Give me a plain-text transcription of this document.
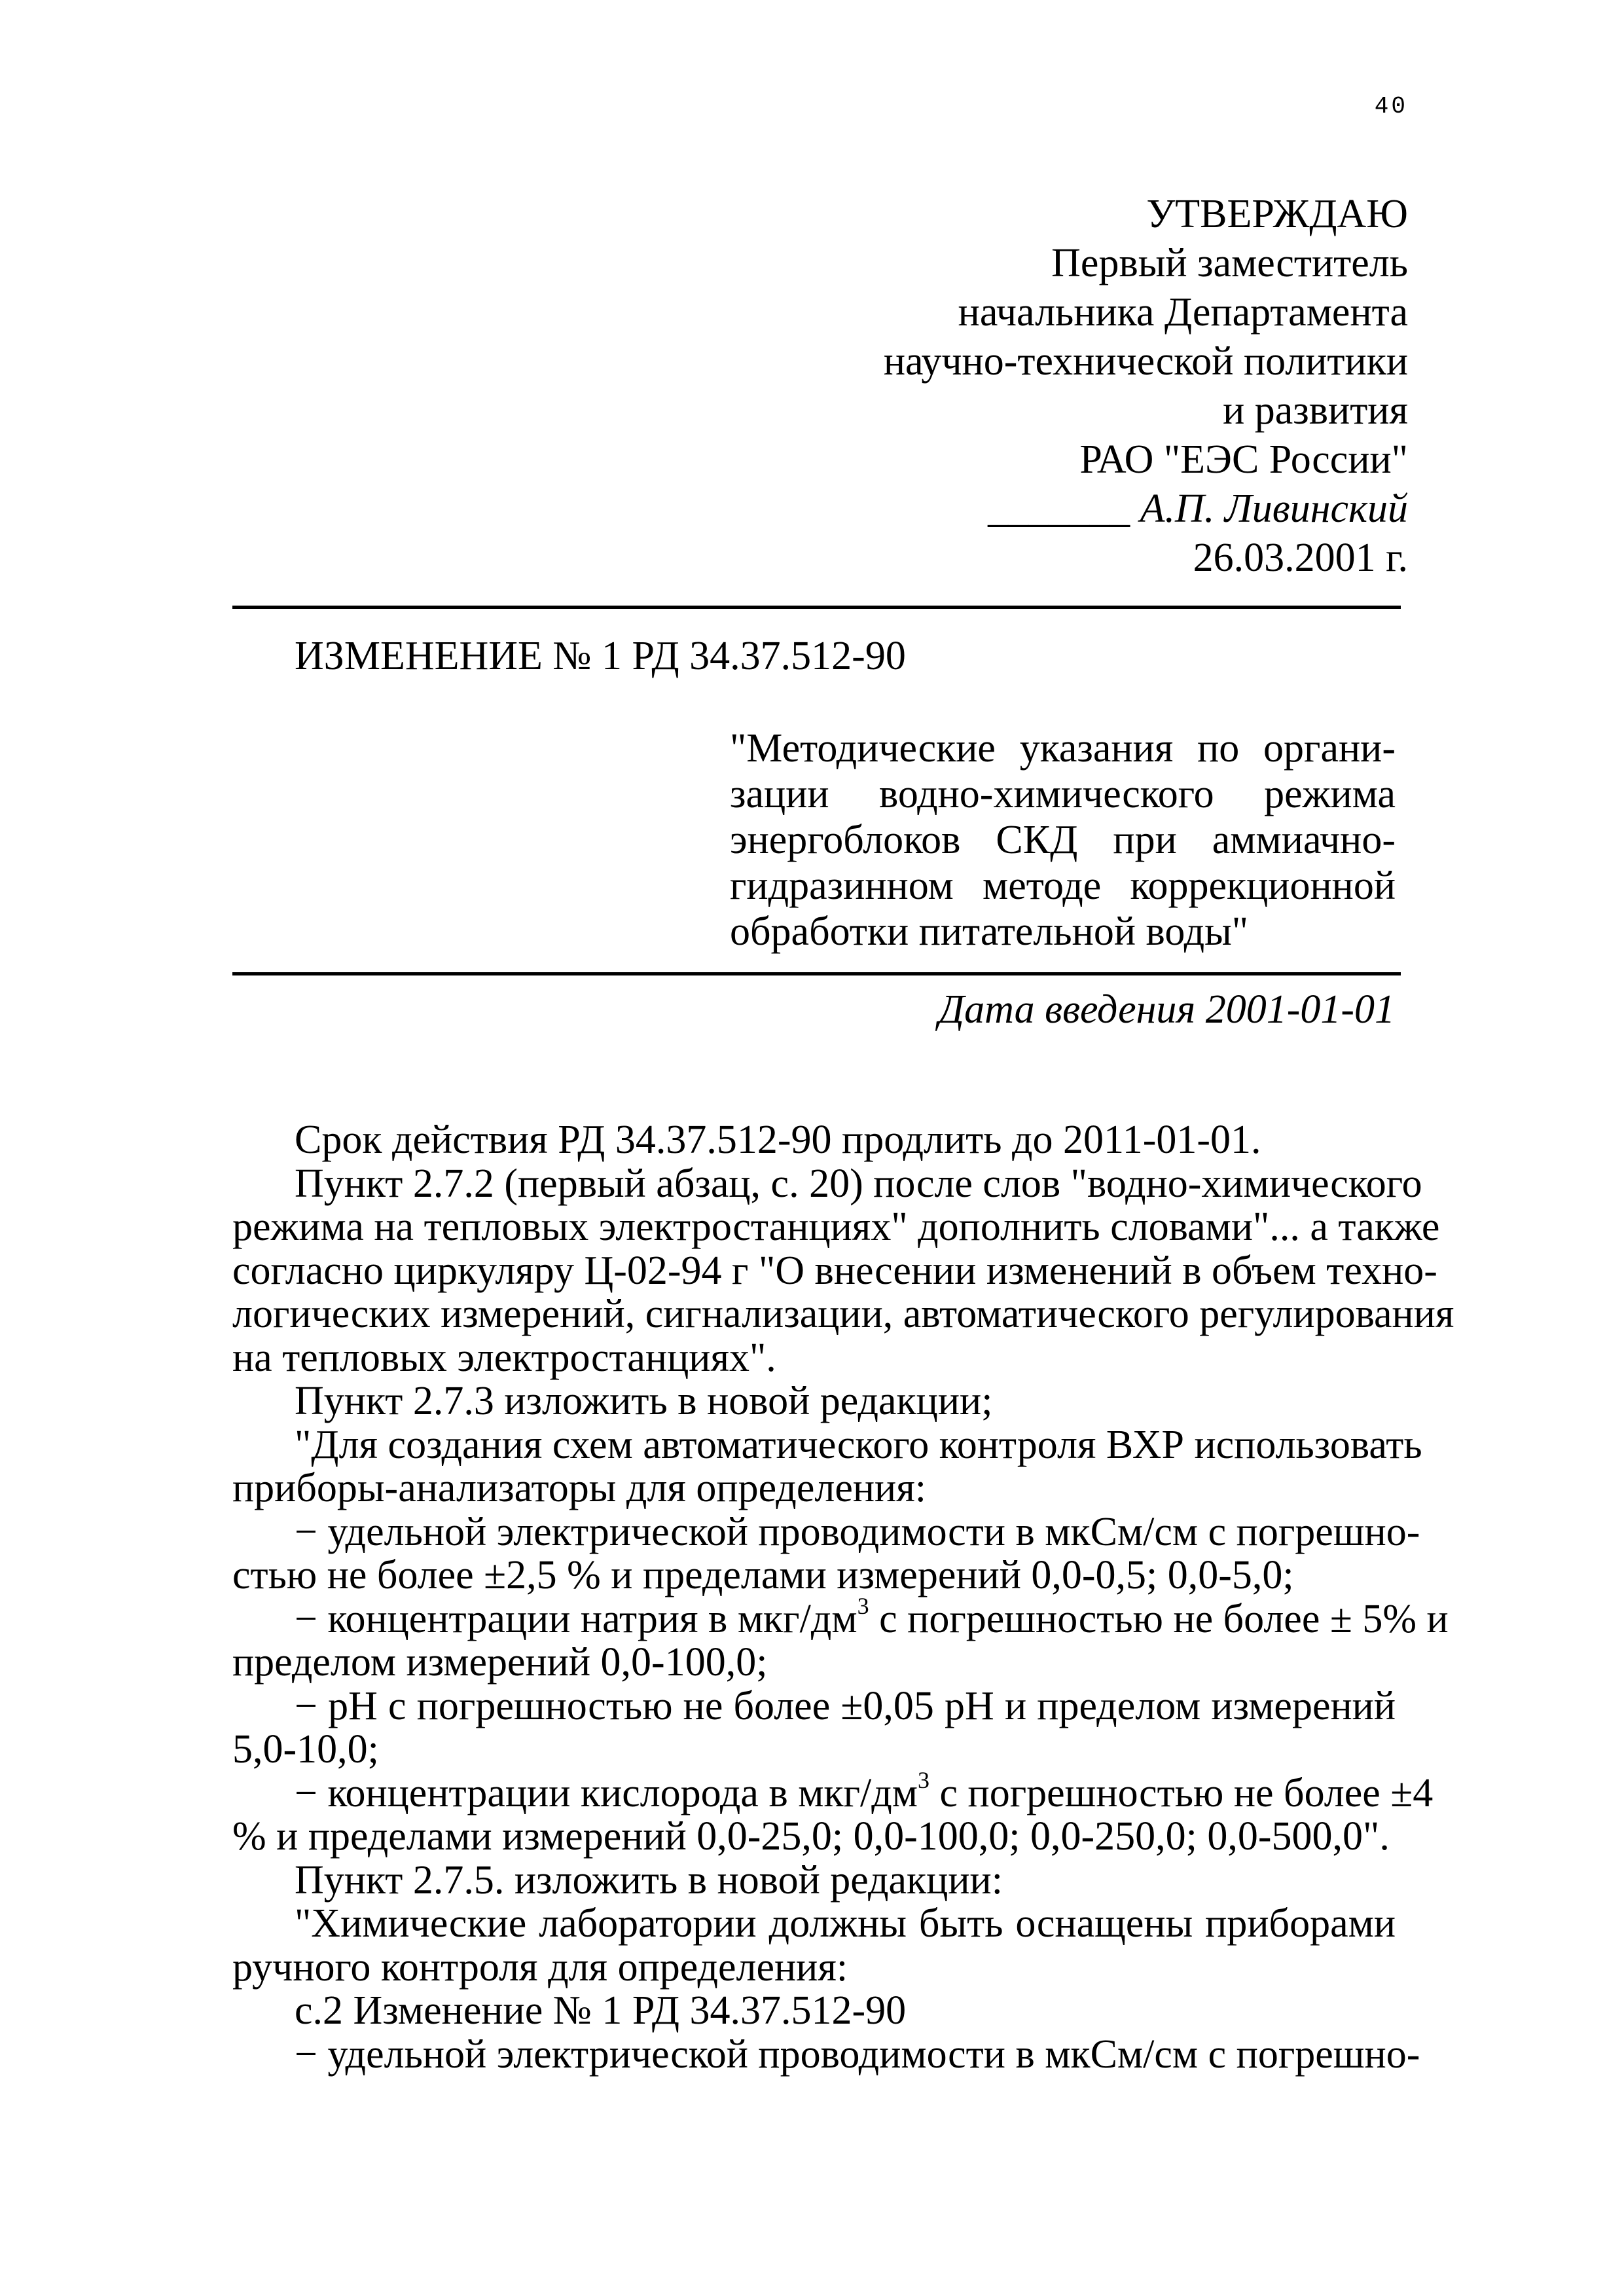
40
УТВЕРЖДАЮ
Первый заместитель
начальника Департамента
научно-технической политики
и развития
РАО "ЕЭС России"
_______ А.П. Ливинский
26.03.2001 г.
ИЗМЕНЕНИЕ № 1 РД 34.37.512-90
"Методические указания по органи-
зации водно-химического режима
энергоблоков СКД при аммиачно-
гидразинном методе коррекционной
обработки питательной воды"
Дата введения 2001-01-01
Срок действия РД 34.37.512-90 продлить до 2011-01-01.
Пункт 2.7.2 (первый абзац, с. 20) после слов "водно-химического
режима на тепловых электростанциях" дополнить словами"... а также
согласно циркуляру Ц-02-94 г "О внесении изменений в объем техно-
логических измерений, сигнализации, автоматического регулирования
на тепловых электростанциях".
Пункт 2.7.3 изложить в новой редакции;
"Для создания схем автоматического контроля ВХР использовать
приборы-анализаторы для определения:
− удельной электрической проводимости в мкСм/см с погрешно-
стью не более ±2,5 % и пределами измерений 0,0-0,5; 0,0-5,0;
− концентрации натрия в мкг/$дм^3$ с погрешностью не более ± 5% и
пределом измерений 0,0-100,0;
− рН с погрешностью не более ±0,05 рН и пределом измерений
5,0-10,0;
− концентрации кислорода в мкг/$дм^3$ с погрешностью не более ±4
% и пределами измерений 0,0-25,0; 0,0-100,0; 0,0-250,0; 0,0-500,0".
Пункт 2.7.5. изложить в новой редакции:
"Химические лаборатории должны быть оснащены приборами
ручного контроля для определения:
с.2 Изменение № 1 РД 34.37.512-90
− удельной электрической проводимости в мкСм/см с погрешно-
